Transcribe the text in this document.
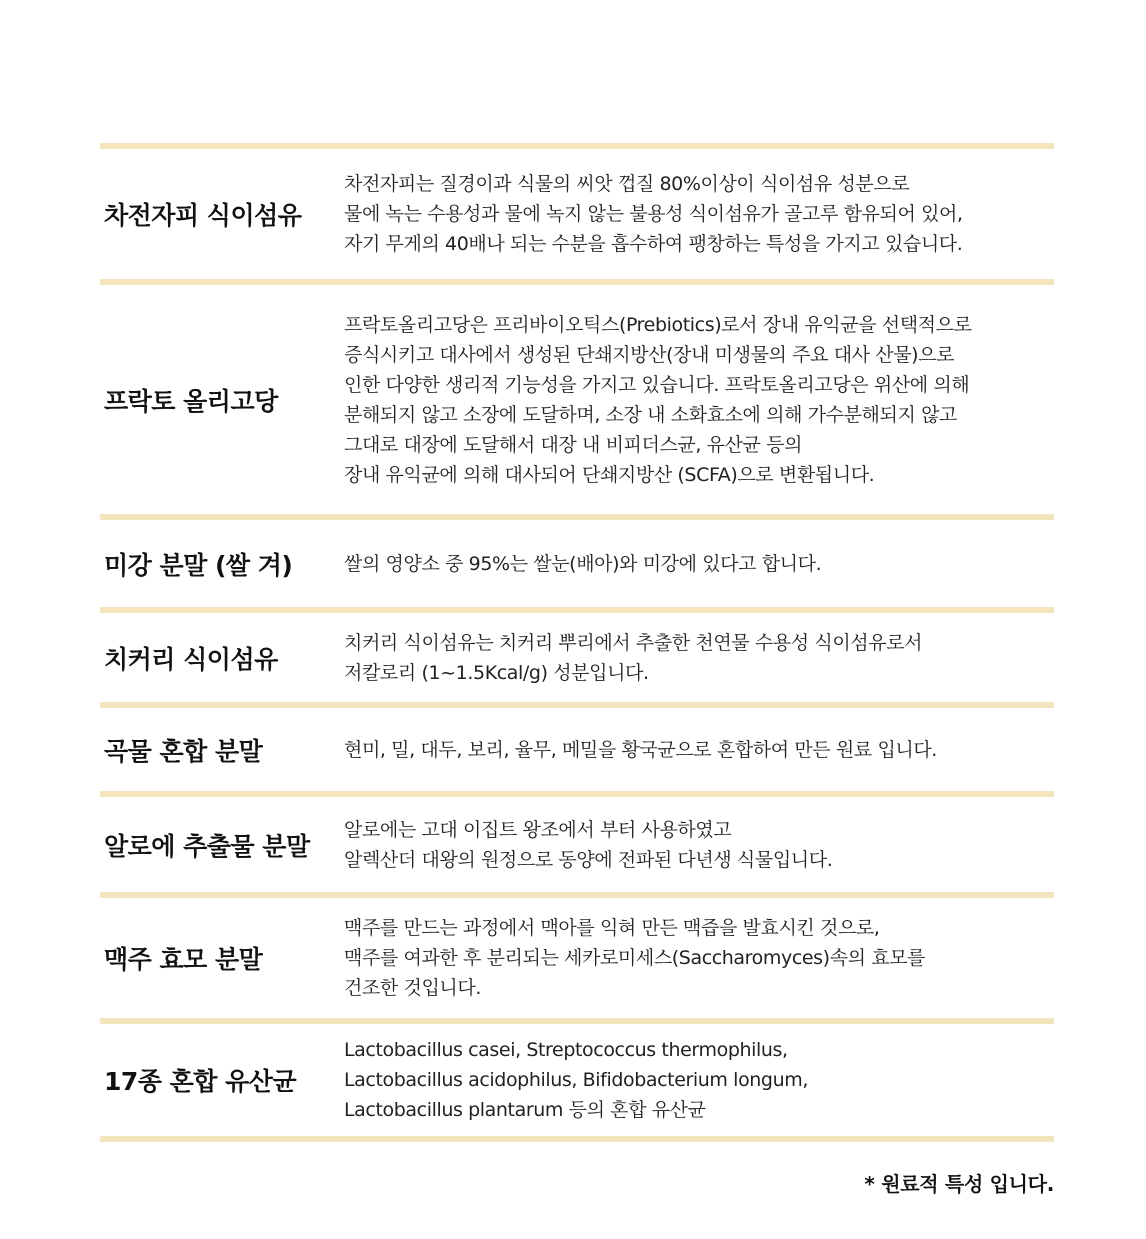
차전자피 식이섬유
차전자피는 질경이과 식물의 씨앗 껍질 80%이상이 식이섬유 성분으로
물에 녹는 수용성과 물에 녹지 않는 불용성 식이섬유가 골고루 함유되어 있어,
자기 무게의 40배나 되는 수분을 흡수하여 팽창하는 특성을 가지고 있습니다.
프락토 올리고당
프락토올리고당은 프리바이오틱스(Prebiotics)로서 장내 유익균을 선택적으로
증식시키고 대사에서 생성된 단쇄지방산(장내 미생물의 주요 대사 산물)으로
인한 다양한 생리적 기능성을 가지고 있습니다. 프락토올리고당은 위산에 의해
분해되지 않고 소장에 도달하며, 소장 내 소화효소에 의해 가수분해되지 않고
그대로 대장에 도달해서 대장 내 비피더스균, 유산균 등의
장내 유익균에 의해 대사되어 단쇄지방산 (SCFA)으로 변환됩니다.
미강 분말 (쌀 겨)	쌀의 영양소 중 95%는 쌀눈(배아)와 미강에 있다고 합니다.
치커리 식이섬유
치커리 식이섬유는 치커리 뿌리에서 추출한 천연물 수용성 식이섬유로서
저칼로리 (1~1.5Kcal/g) 성분입니다.
곡물 혼합 분말	현미, 밀, 대두, 보리, 율무, 메밀을 황국균으로 혼합하여 만든 원료 입니다.
알로에 추출물 분말
알로에는 고대 이집트 왕조에서 부터 사용하였고
알렉산더 대왕의 원정으로 동양에 전파된 다년생 식물입니다.
맥주 효모 분말
맥주를 만드는 과정에서 맥아를 익혀 만든 맥즙을 발효시킨 것으로,
맥주를 여과한 후 분리되는 세카로미세스(Saccharomyces)속의 효모를
건조한 것입니다.
17종 혼합 유산균
Lactobacillus casei, Streptococcus thermophilus,
Lactobacillus acidophilus, Bifidobacterium longum,
Lactobacillus plantarum 등의 혼합 유산균
* 원료적 특성 입니다.
